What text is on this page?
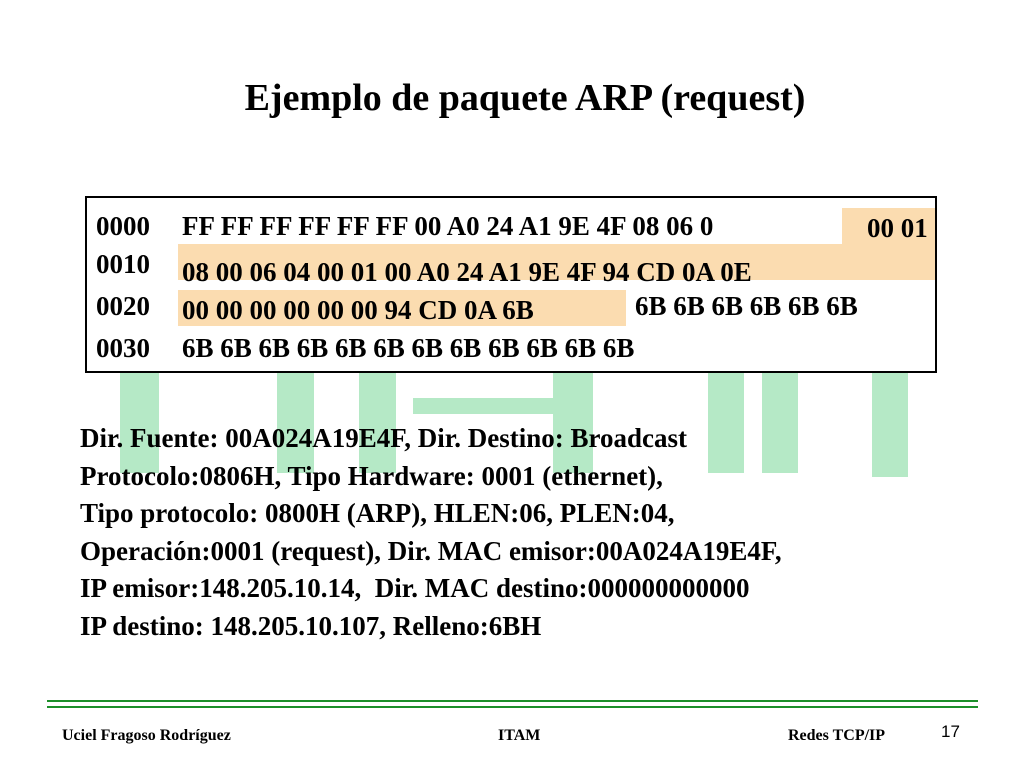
Ejemplo de paquete ARP (request)
0000 FF FF FF FF FF FF 00 A0 24 A1 9E 4F 08 06 0	00 01
0010 08 00 06 04 00 01 00 A0 24 A1 9E 4F 94 CD 0A 0E
0020 00 00 00 00 00 00 94 CD 0A 6B	6B 6B 6B 6B 6B 6B
0030 6B 6B 6B 6B 6B 6B 6B 6B 6B 6B 6B 6B

Dir. Fuente: 00A024A19E4F, Dir. Destino: Broadcast
Protocolo:0806H, Tipo Hardware: 0001 (ethernet),
Tipo protocolo: 0800H (ARP), HLEN:06, PLEN:04,
Operación:0001 (request), Dir. MAC emisor:00A024A19E4F,
IP emisor:148.205.10.14,  Dir. MAC destino:000000000000
IP destino: 148.205.10.107, Relleno:6BH

Uciel Fragoso Rodríguez	ITAM	Redes TCP/IP	17
